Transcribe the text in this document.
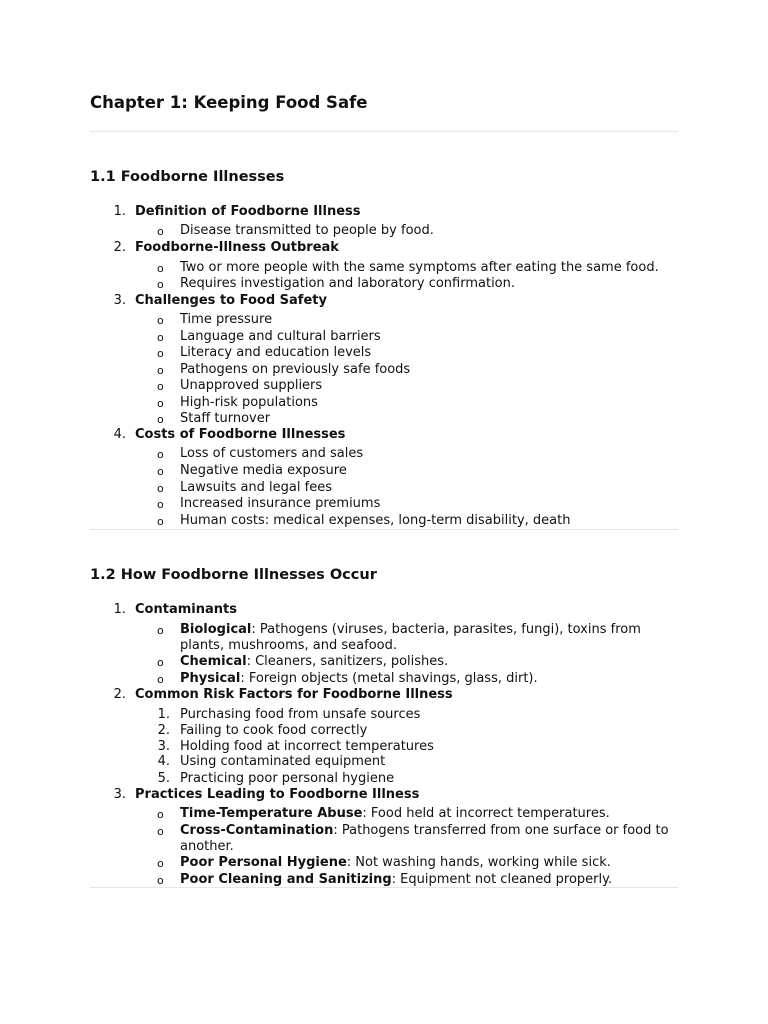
Chapter 1: Keeping Food Safe
1.1 Foodborne Illnesses
1. Definition of Foodborne Illness
o Disease transmitted to people by food.
2. Foodborne-Illness Outbreak
o Two or more people with the same symptoms after eating the same food.
o Requires investigation and laboratory confirmation.
3. Challenges to Food Safety
o Time pressure
o Language and cultural barriers
o Literacy and education levels
o Pathogens on previously safe foods
o Unapproved suppliers
o High-risk populations
o Staff turnover
4. Costs of Foodborne Illnesses
o Loss of customers and sales
o Negative media exposure
o Lawsuits and legal fees
o Increased insurance premiums
o Human costs: medical expenses, long-term disability, death
1.2 How Foodborne Illnesses Occur
1. Contaminants
o Biological: Pathogens (viruses, bacteria, parasites, fungi), toxins from
plants, mushrooms, and seafood.
o Chemical: Cleaners, sanitizers, polishes.
o Physical: Foreign objects (metal shavings, glass, dirt).
2. Common Risk Factors for Foodborne Illness
1. Purchasing food from unsafe sources
2. Failing to cook food correctly
3. Holding food at incorrect temperatures
4. Using contaminated equipment
5. Practicing poor personal hygiene
3. Practices Leading to Foodborne Illness
o Time-Temperature Abuse: Food held at incorrect temperatures.
o Cross-Contamination: Pathogens transferred from one surface or food to
another.
o Poor Personal Hygiene: Not washing hands, working while sick.
o Poor Cleaning and Sanitizing: Equipment not cleaned properly.
